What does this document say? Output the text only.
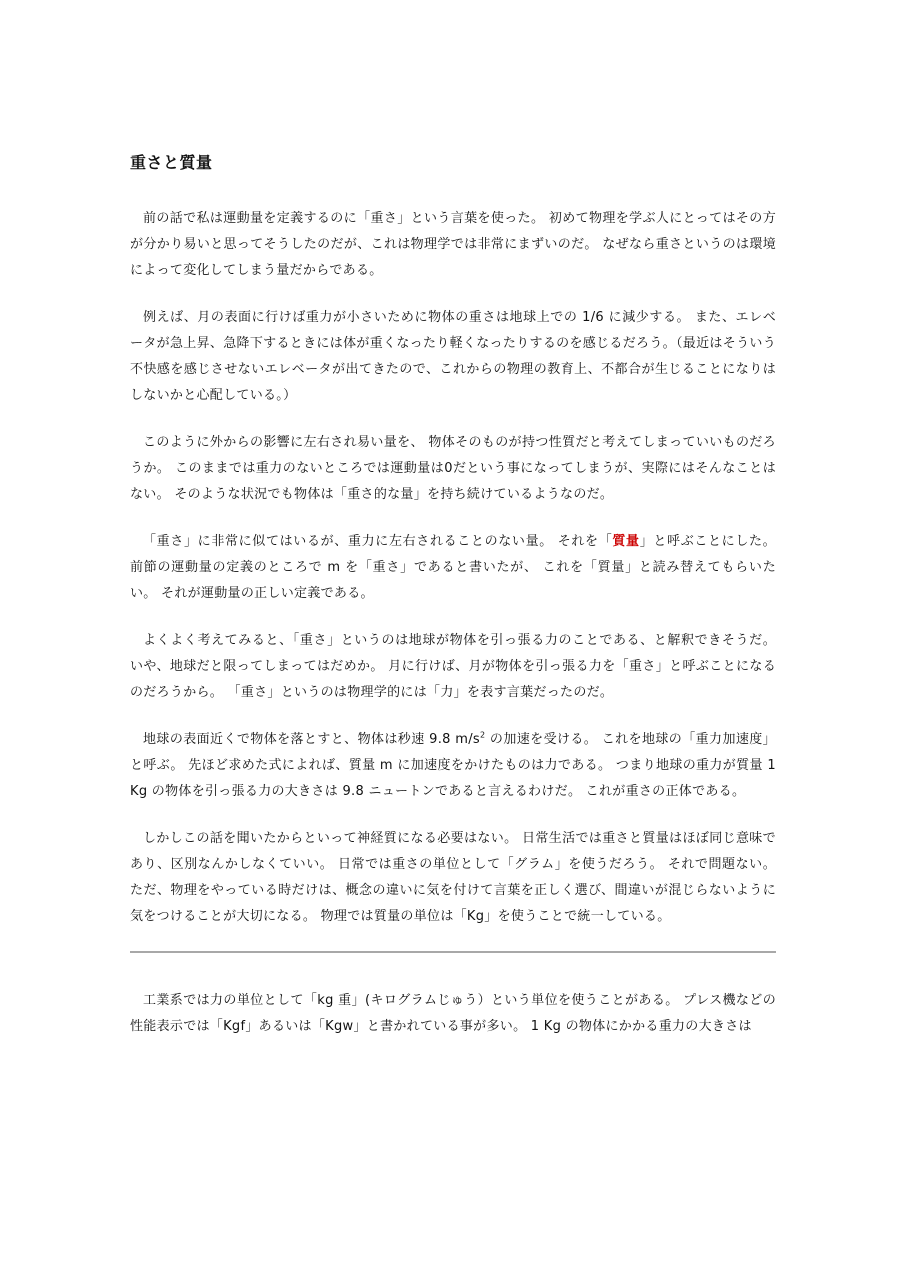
重さと質量

前の話で私は運動量を定義するのに「重さ」という言葉を使った。 初めて物理を学ぶ人にとってはその方が分かり易いと思ってそうしたのだが、これは物理学では非常にまずいのだ。 なぜなら重さというのは環境によって変化してしまう量だからである。

例えば、月の表面に行けば重力が小さいために物体の重さは地球上での 1/6 に減少する。 また、エレベータが急上昇、急降下するときには体が重くなったり軽くなったりするのを感じるだろう。（最近はそういう不快感を感じさせないエレベータが出てきたので、これからの物理の教育上、不都合が生じることになりはしないかと心配している。）

このように外からの影響に左右され易い量を、 物体そのものが持つ性質だと考えてしまっていいものだろうか。 このままでは重力のないところでは運動量は0だという事になってしまうが、実際にはそんなことはない。 そのような状況でも物体は「重さ的な量」を持ち続けているようなのだ。

「重さ」に非常に似てはいるが、重力に左右されることのない量。 それを「質量」と呼ぶことにした。 前節の運動量の定義のところで m を「重さ」であると書いたが、 これを「質量」と読み替えてもらいたい。 それが運動量の正しい定義である。

よくよく考えてみると、「重さ」というのは地球が物体を引っ張る力のことである、と解釈できそうだ。 いや、地球だと限ってしまってはだめか。 月に行けば、月が物体を引っ張る力を「重さ」と呼ぶことになるのだろうから。 「重さ」というのは物理学的には「力」を表す言葉だったのだ。

地球の表面近くで物体を落とすと、物体は秒速 9.8 $m/s^2$ の加速を受ける。 これを地球の「重力加速度」と呼ぶ。 先ほど求めた式によれば、質量 m に加速度をかけたものは力である。 つまり地球の重力が質量 1 Kg の物体を引っ張る力の大きさは 9.8 ニュートンであると言えるわけだ。 これが重さの正体である。

しかしこの話を聞いたからといって神経質になる必要はない。 日常生活では重さと質量はほぼ同じ意味であり、区別なんかしなくていい。 日常では重さの単位として「グラム」を使うだろう。 それで問題ない。 ただ、物理をやっている時だけは、概念の違いに気を付けて言葉を正しく選び、間違いが混じらないように気をつけることが大切になる。 物理では質量の単位は「Kg」を使うことで統一している。

工業系では力の単位として「kg 重」(キログラムじゅう）という単位を使うことがある。 プレス機などの性能表示では「Kgf」あるいは「Kgw」と書かれている事が多い。 1 Kg の物体にかかる重力の大きさは
